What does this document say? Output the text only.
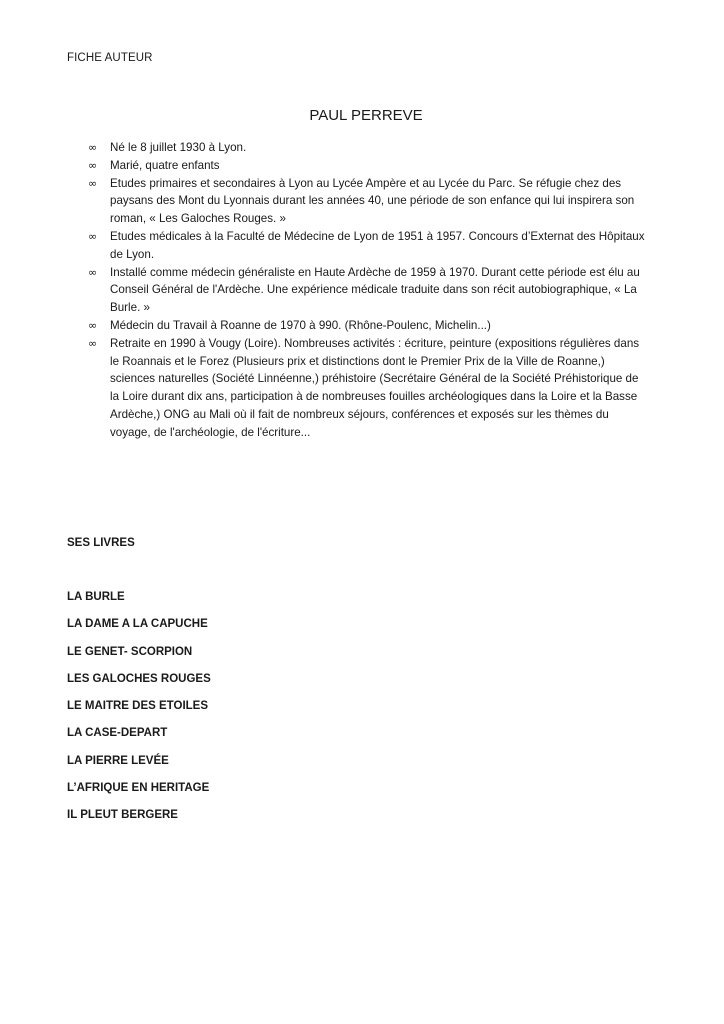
FICHE AUTEUR
PAUL PERREVE
∞ Né le 8 juillet 1930 à Lyon.
∞ Marié, quatre enfants
∞ Etudes primaires et secondaires à Lyon au Lycée Ampère et au Lycée du Parc. Se réfugie chez des paysans des Mont du Lyonnais durant les années 40, une période de son enfance qui lui inspirera son roman, « Les Galoches Rouges. »
∞ Etudes médicales à la Faculté de Médecine de Lyon de 1951 à 1957. Concours d’Externat des Hôpitaux de Lyon.
∞ Installé comme médecin généraliste en Haute Ardèche de 1959 à 1970. Durant cette période est élu au Conseil Général de l'Ardèche. Une expérience médicale traduite dans son récit autobiographique, « La Burle. »
∞ Médecin du Travail à Roanne de 1970 à 990. (Rhône-Poulenc, Michelin...)
∞ Retraite en 1990 à Vougy (Loire). Nombreuses activités : écriture, peinture (expositions régulières dans le Roannais et le Forez (Plusieurs prix et distinctions dont le Premier Prix de la Ville de Roanne,) sciences naturelles (Société Linnéenne,) préhistoire (Secrétaire Général de la Société Préhistorique de la Loire durant dix ans, participation à de nombreuses fouilles archéologiques dans la Loire et la Basse Ardèche,) ONG au Mali où il fait de nombreux séjours, conférences et exposés sur les thèmes du voyage, de l'archéologie, de l'écriture...
SES LIVRES
LA BURLE
LA DAME A LA CAPUCHE
LE GENET- SCORPION
LES GALOCHES ROUGES
LE MAITRE DES ETOILES
LA CASE-DEPART
LA PIERRE LEVÉE
L’AFRIQUE EN HERITAGE
IL PLEUT BERGERE
